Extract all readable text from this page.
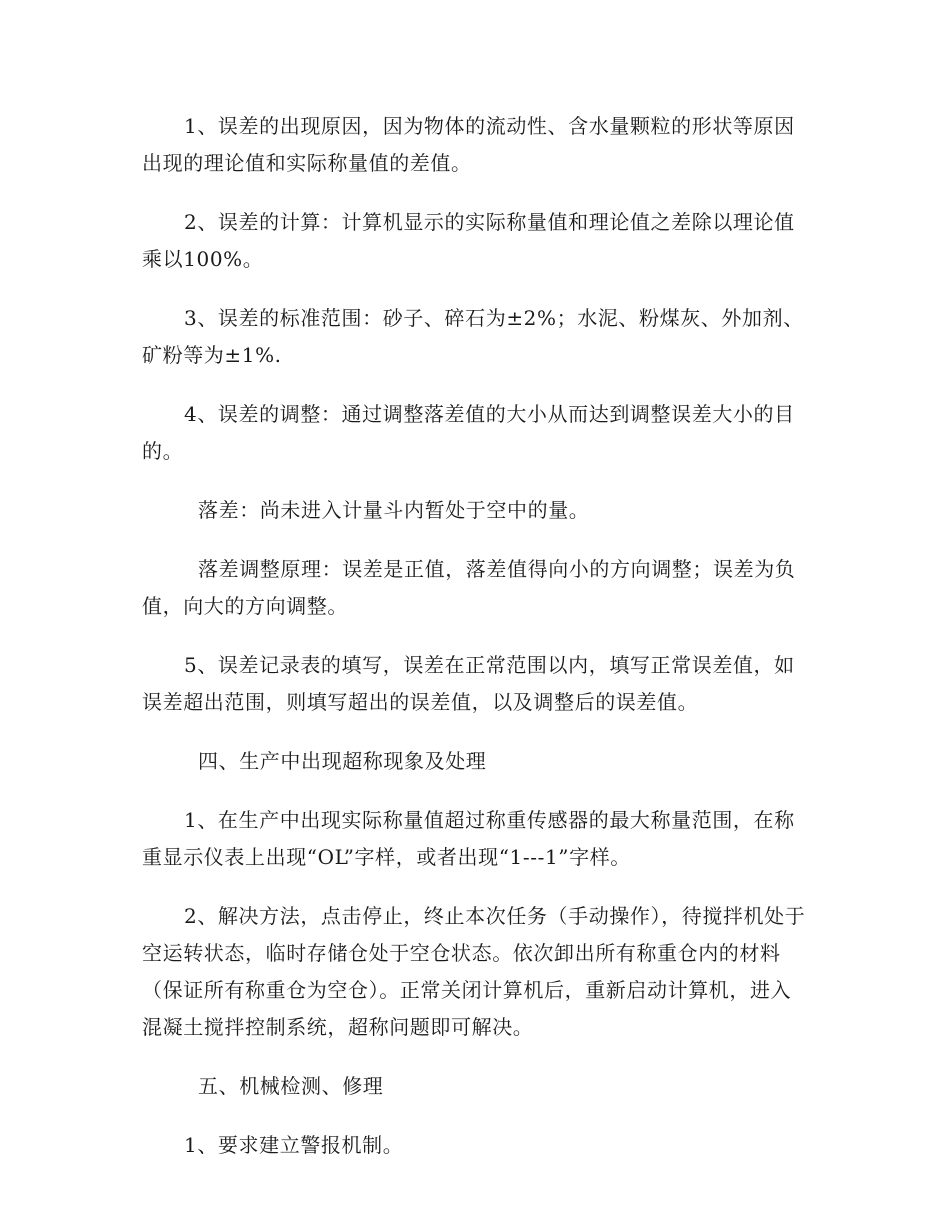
1、误差的出现原因，因为物体的流动性、含水量颗粒的形状等原因出现的理论值和实际称量值的差值。

2、误差的计算：计算机显示的实际称量值和理论值之差除以理论值乘以100%。

3、误差的标准范围：砂子、碎石为±2%；水泥、粉煤灰、外加剂、矿粉等为±1%.

4、误差的调整：通过调整落差值的大小从而达到调整误差大小的目的。

落差：尚未进入计量斗内暂处于空中的量。

落差调整原理：误差是正值，落差值得向小的方向调整；误差为负值，向大的方向调整。

5、误差记录表的填写，误差在正常范围以内，填写正常误差值，如误差超出范围，则填写超出的误差值，以及调整后的误差值。

四、生产中出现超称现象及处理

1、在生产中出现实际称量值超过称重传感器的最大称量范围，在称重显示仪表上出现“OL”字样，或者出现“1---1”字样。

2、解决方法，点击停止，终止本次任务（手动操作），待搅拌机处于空运转状态，临时存储仓处于空仓状态。依次卸出所有称重仓内的材料（保证所有称重仓为空仓）。正常关闭计算机后，重新启动计算机，进入混凝土搅拌控制系统，超称问题即可解决。

五、机械检测、修理

1、要求建立警报机制。
